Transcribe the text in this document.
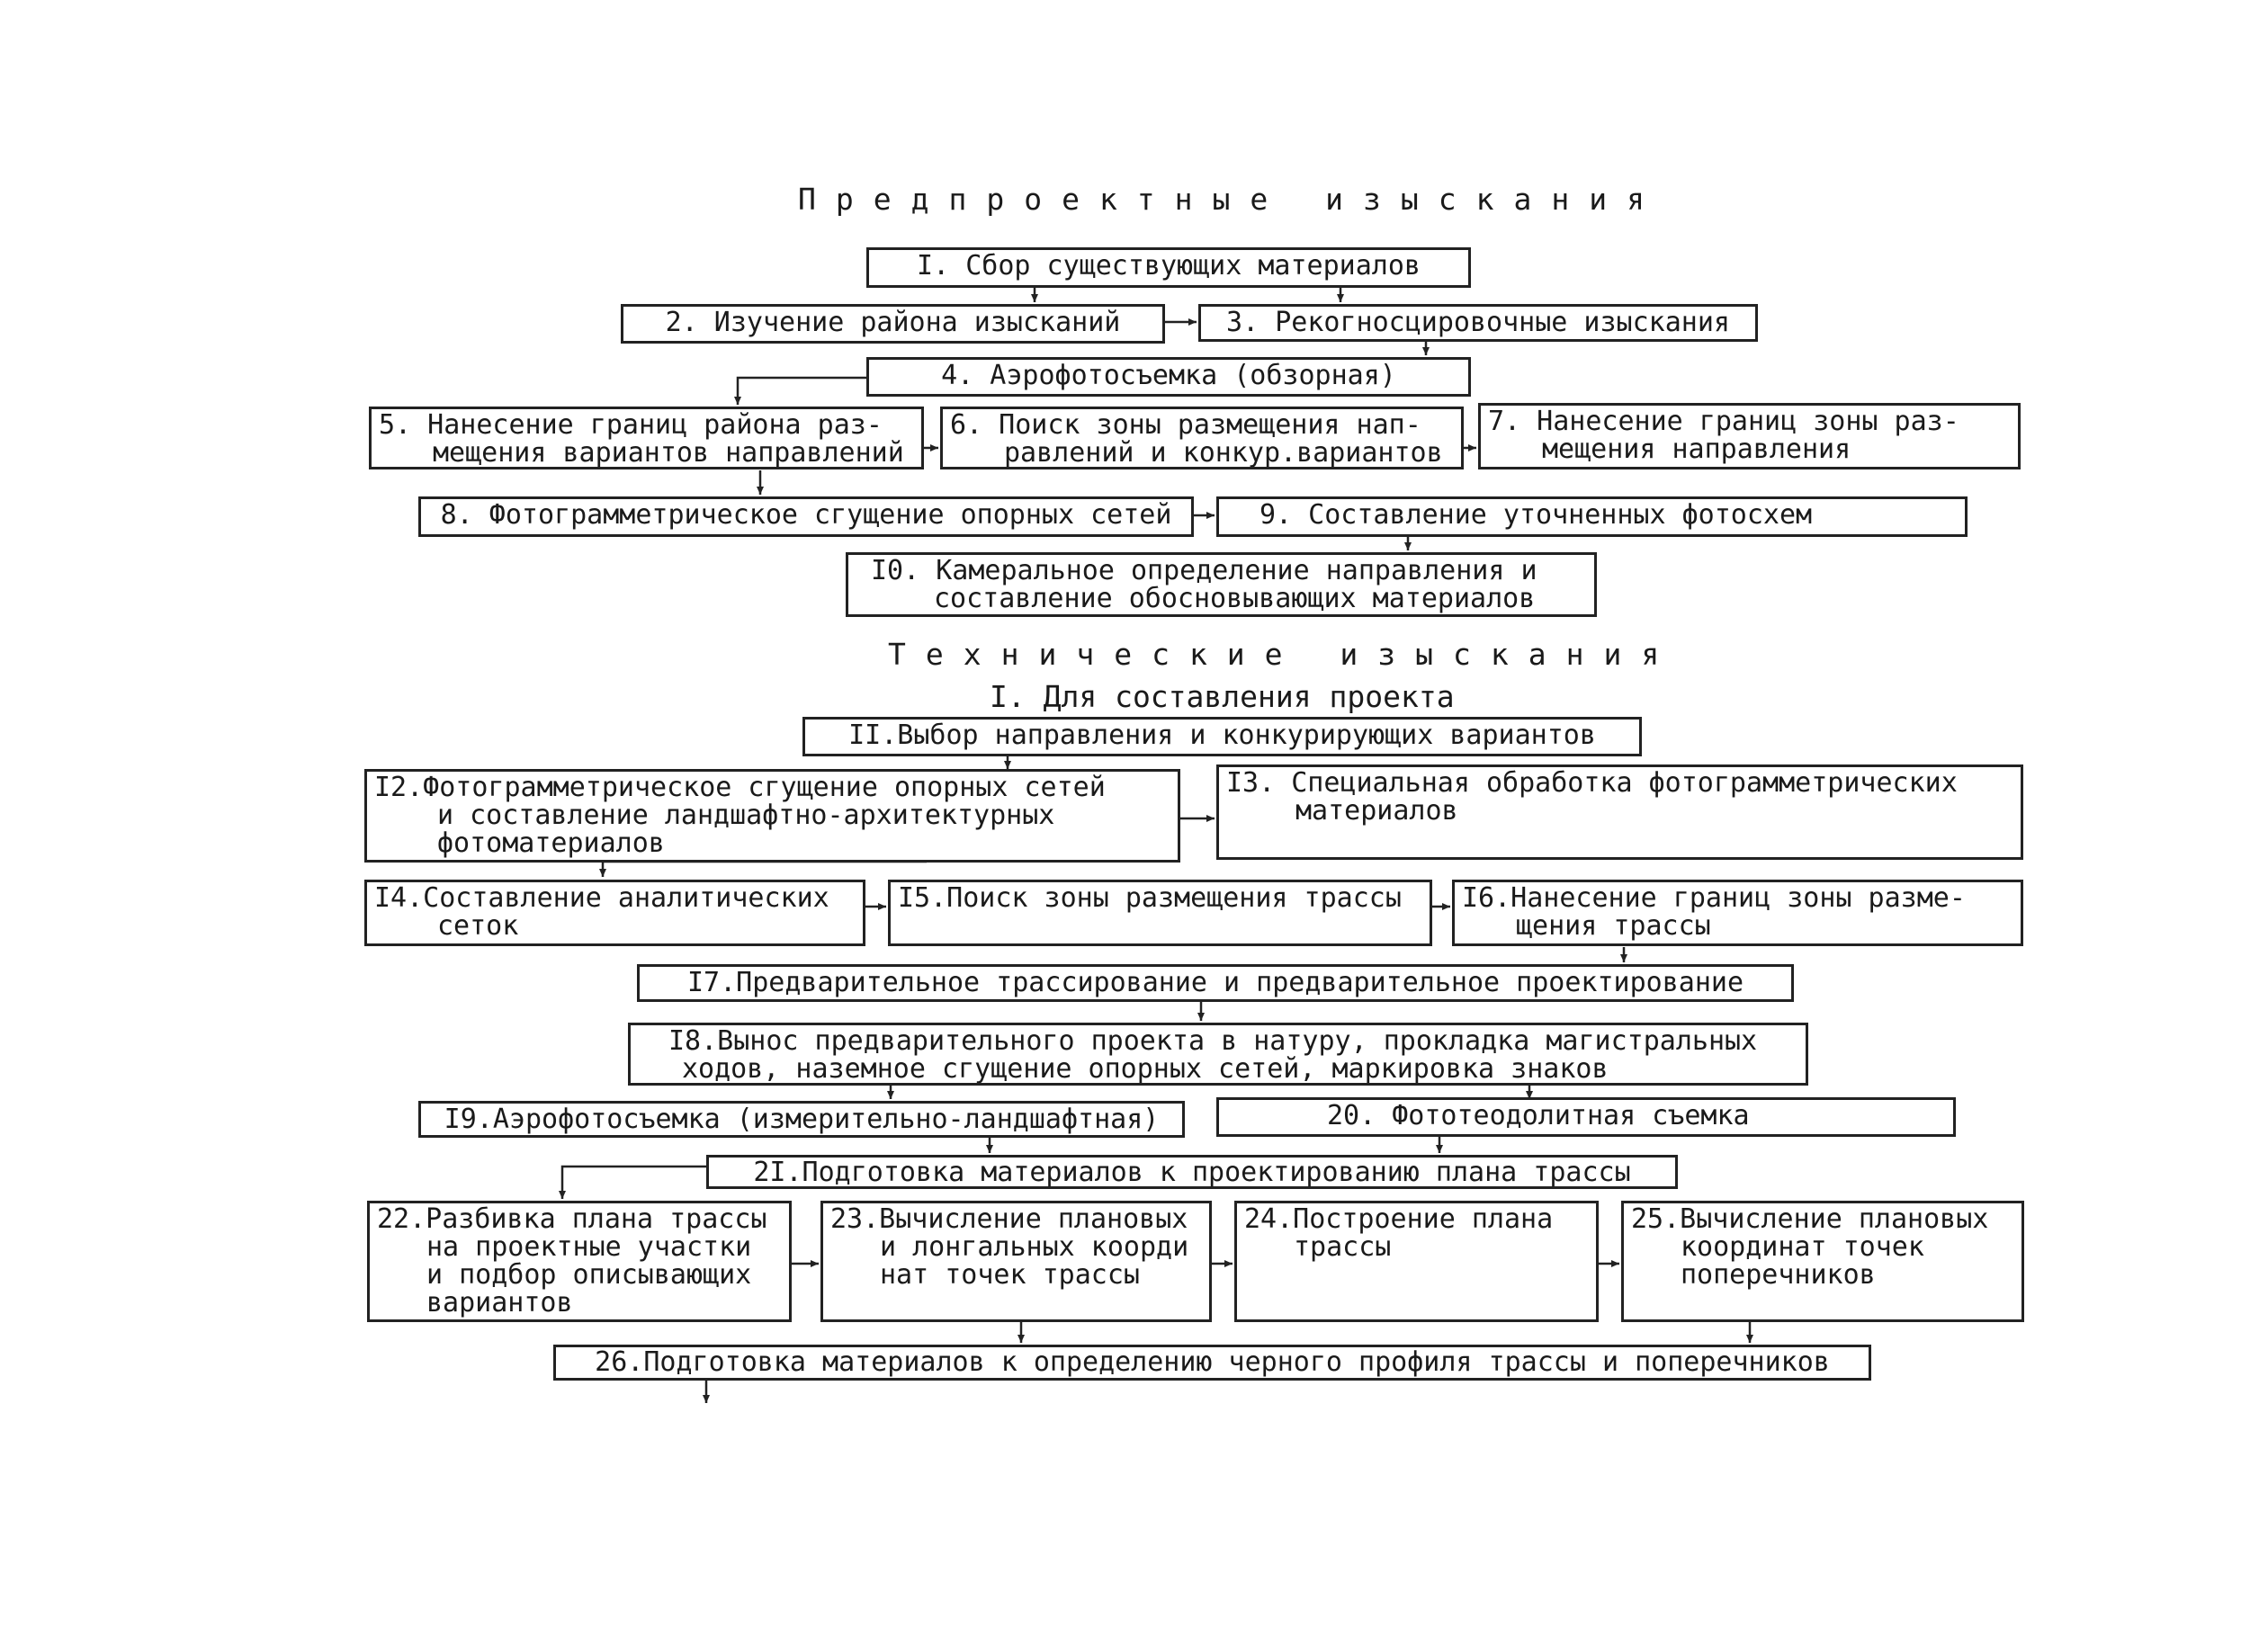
Предпроектные изыскания
Технические изыскания
I. Для составления проекта
I. Сбор существующих материалов
2. Изучение района изысканий	3. Рекогносцировочные изыскания
4. Аэрофотосъемка (обзорная)
5. Нанесение границ района раз-
мещения вариантов направлений
6. Поиск зоны размещения нап-
равлений и конкур.вариантов
7. Нанесение границ зоны раз-
мещения направления
8. Фотограмметрическое сгущение опорных сетей	9. Составление уточненных фотосхем
I0. Камеральное определение направления и
составление обосновывающих материалов
II.Выбор направления и конкурирующих вариантов
I2.Фотограмметрическое сгущение опорных сетей
и составление ландшафтно-архитектурных
фотоматериалов
I3. Специальная обработка фотограмметрических
материалов
I4.Составление аналитических
сеток
I5.Поиск зоны размещения трассы	I6.Нанесение границ зоны разме-
щения трассы
I7.Предварительное трассирование и предварительное проектирование
I8.Вынос предварительного проекта в натуру, прокладка магистральных
ходов, наземное сгущение опорных сетей, маркировка знаков
I9.Аэрофотосъемка (измерительно-ландшафтная)	20. Фототеодолитная съемка
2I.Подготовка материалов к проектированию плана трассы
22.Разбивка плана трассы
на проектные участки
и подбор описывающих
вариантов
23.Вычисление плановых
и лонгальных коорди
нат точек трассы
24.Построение плана
трассы
25.Вычисление плановых
координат точек
поперечников
26.Подготовка материалов к определению черного профиля трассы и поперечников
